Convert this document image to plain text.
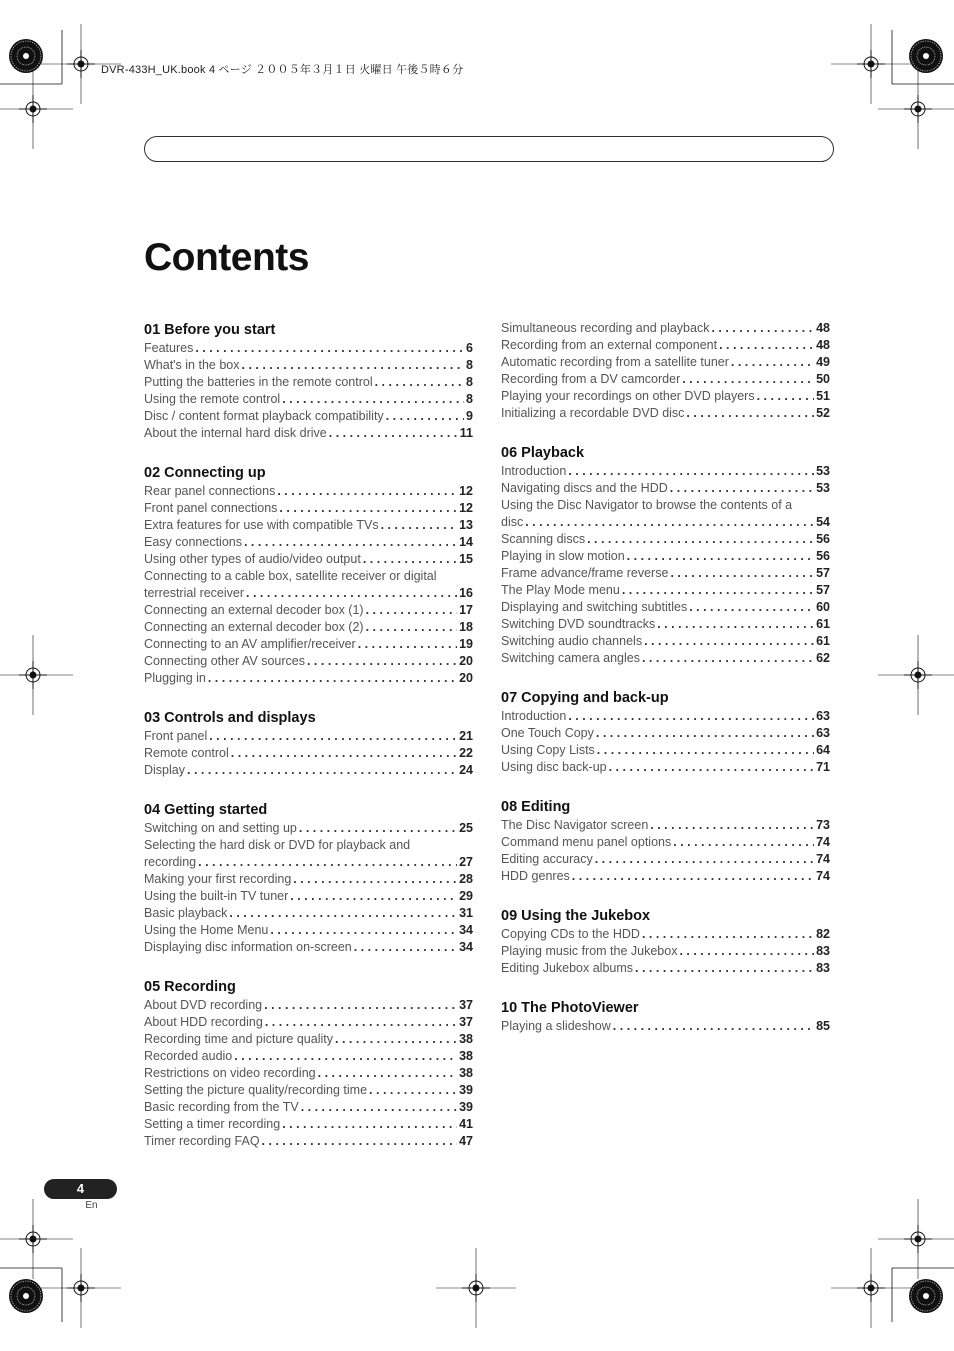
DVR-433H_UK.book 4 ページ ２００５年３月１日 火曜日 午後５時６分
Contents
01 Before you start
Features . . .	6
What's in the box . . .	8
Putting the batteries in the remote control . . .	8
Using the remote control . . .	8
Disc / content format playback compatibility . . .	9
About the internal hard disk drive . . .	11
02 Connecting up
Rear panel connections . . .	12
Front panel connections . . .	12
Extra features for use with compatible TVs . . .	13
Easy connections . . .	14
Using other types of audio/video output . . .	15
Connecting to a cable box, satellite receiver or digital
terrestrial receiver . . .	16
Connecting an external decoder box (1) . . .	17
Connecting an external decoder box (2) . . .	18
Connecting to an AV amplifier/receiver . . .	19
Connecting other AV sources . . .	20
Plugging in . . .	20
03 Controls and displays
Front panel . . .	21
Remote control . . .	22
Display . . .	24
04 Getting started
Switching on and setting up . . .	25
Selecting the hard disk or DVD for playback and
recording . . .	27
Making your first recording . . .	28
Using the built-in TV tuner . . .	29
Basic playback . . .	31
Using the Home Menu . . .	34
Displaying disc information on-screen . . .	34
05 Recording
About DVD recording . . .	37
About HDD recording . . .	37
Recording time and picture quality . . .	38
Recorded audio . . .	38
Restrictions on video recording . . .	38
Setting the picture quality/recording time . . .	39
Basic recording from the TV . . .	39
Setting a timer recording . . .	41
Timer recording FAQ . . .	47
Simultaneous recording and playback . . .	48
Recording from an external component . . .	48
Automatic recording from a satellite tuner . . .	49
Recording from a DV camcorder . . .	50
Playing your recordings on other DVD players . . .	51
Initializing a recordable DVD disc . . .	52
06 Playback
Introduction . . .	53
Navigating discs and the HDD . . .	53
Using the Disc Navigator to browse the contents of a
disc . . .	54
Scanning discs . . .	56
Playing in slow motion . . .	56
Frame advance/frame reverse . . .	57
The Play Mode menu . . .	57
Displaying and switching subtitles . . .	60
Switching DVD soundtracks . . .	61
Switching audio channels . . .	61
Switching camera angles . . .	62
07 Copying and back-up
Introduction . . .	63
One Touch Copy . . .	63
Using Copy Lists . . .	64
Using disc back-up . . .	71
08 Editing
The Disc Navigator screen . . .	73
Command menu panel options . . .	74
Editing accuracy . . .	74
HDD genres . . .	74
09 Using the Jukebox
Copying CDs to the HDD . . .	82
Playing music from the Jukebox . . .	83
Editing Jukebox albums . . .	83
10 The PhotoViewer
Playing a slideshow . . .	85
4
En
